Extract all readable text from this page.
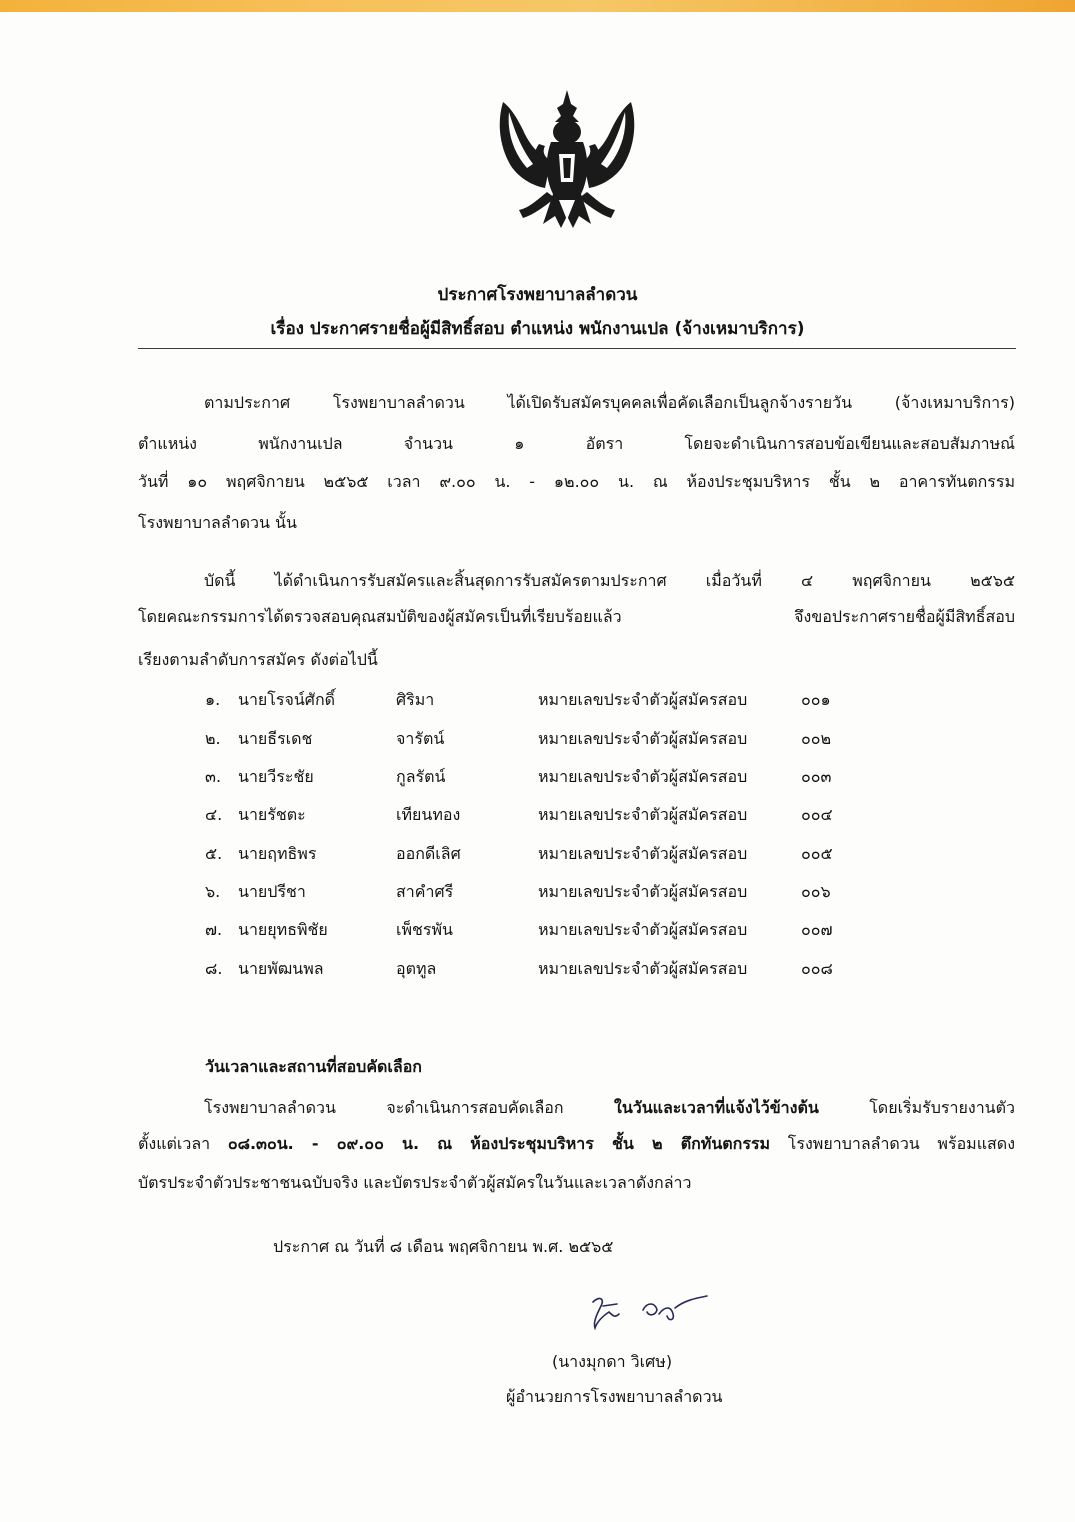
ประกาศโรงพยาบาลลำดวน
เรื่อง ประกาศรายชื่อผู้มีสิทธิ์สอบ ตำแหน่ง พนักงานเปล (จ้างเหมาบริการ)
ตามประกาศ โรงพยาบาลลำดวน ได้เปิดรับสมัครบุคคลเพื่อคัดเลือกเป็นลูกจ้างรายวัน (จ้างเหมาบริการ)
ตำแหน่ง พนักงานเปล จำนวน ๑ อัตรา โดยจะดำเนินการสอบข้อเขียนและสอบสัมภาษณ์
วันที่ ๑๐ พฤศจิกายน ๒๕๖๕ เวลา ๙.๐๐ น. - ๑๒.๐๐ น. ณ ห้องประชุมบริหาร ชั้น ๒ อาคารทันตกรรม
โรงพยาบาลลำดวน นั้น
บัดนี้ ได้ดำเนินการรับสมัครและสิ้นสุดการรับสมัครตามประกาศ เมื่อวันที่ ๔ พฤศจิกายน ๒๕๖๕
โดยคณะกรรมการได้ตรวจสอบคุณสมบัติของผู้สมัครเป็นที่เรียบร้อยแล้ว จึงขอประกาศรายชื่อผู้มีสิทธิ์สอบ
เรียงตามลำดับการสมัคร ดังต่อไปนี้
๑. นายโรจน์ศักดิ์	ศิริมา	หมายเลขประจำตัวผู้สมัครสอบ	๐๐๑
๒. นายธีรเดช	จารัตน์	หมายเลขประจำตัวผู้สมัครสอบ	๐๐๒
๓. นายวีระชัย	กูลรัตน์	หมายเลขประจำตัวผู้สมัครสอบ	๐๐๓
๔. นายรัชตะ	เทียนทอง	หมายเลขประจำตัวผู้สมัครสอบ	๐๐๔
๕. นายฤทธิพร	ออกดีเลิศ	หมายเลขประจำตัวผู้สมัครสอบ	๐๐๕
๖. นายปรีชา	สาคำศรี	หมายเลขประจำตัวผู้สมัครสอบ	๐๐๖
๗. นายยุทธพิชัย	เพ็ชรพัน	หมายเลขประจำตัวผู้สมัครสอบ	๐๐๗
๘. นายพัฒนพล	อุตทูล	หมายเลขประจำตัวผู้สมัครสอบ	๐๐๘
วันเวลาและสถานที่สอบคัดเลือก
โรงพยาบาลลำดวน จะดำเนินการสอบคัดเลือก ในวันและเวลาที่แจ้งไว้ข้างต้น โดยเริ่มรับรายงานตัว
ตั้งแต่เวลา ๐๘.๓๐น. - ๐๙.๐๐ น. ณ ห้องประชุมบริหาร ชั้น ๒ ตึกทันตกรรม โรงพยาบาลลำดวน พร้อมแสดง
บัตรประจำตัวประชาชนฉบับจริง และบัตรประจำตัวผู้สมัครในวันและเวลาดังกล่าว
ประกาศ ณ วันที่ ๘ เดือน พฤศจิกายน พ.ศ. ๒๕๖๕
(นางมุกดา วิเศษ)
ผู้อำนวยการโรงพยาบาลลำดวน
